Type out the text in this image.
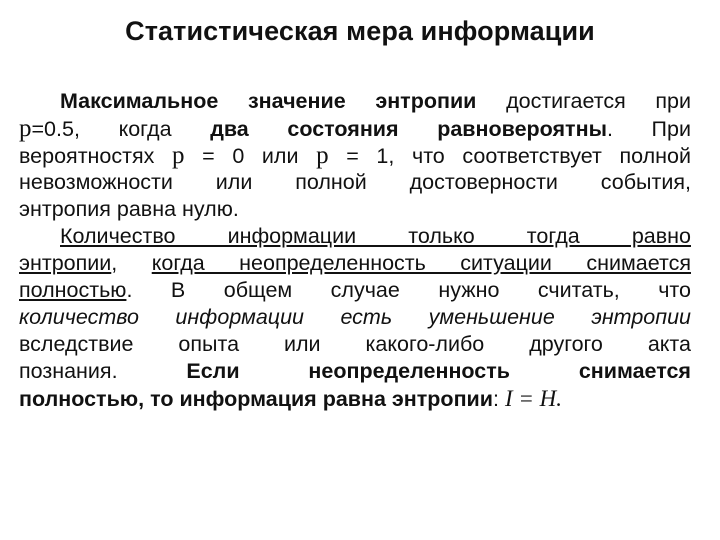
Статистическая мера информации
Максимальное значение энтропии достигается при
p=0.5, когда два состояния равновероятны. При
вероятностях p = 0 или p = 1, что соответствует полной
невозможности или полной достоверности события,
энтропия равна нулю.
Количество информации только тогда равно
энтропии, когда неопределенность ситуации снимается
полностью. В общем случае нужно считать, что
количество информации есть уменьшение энтропии
вследствие опыта или какого-либо другого акта
познания. Если неопределенность снимается
полностью, то информация равна энтропии: I = H.
